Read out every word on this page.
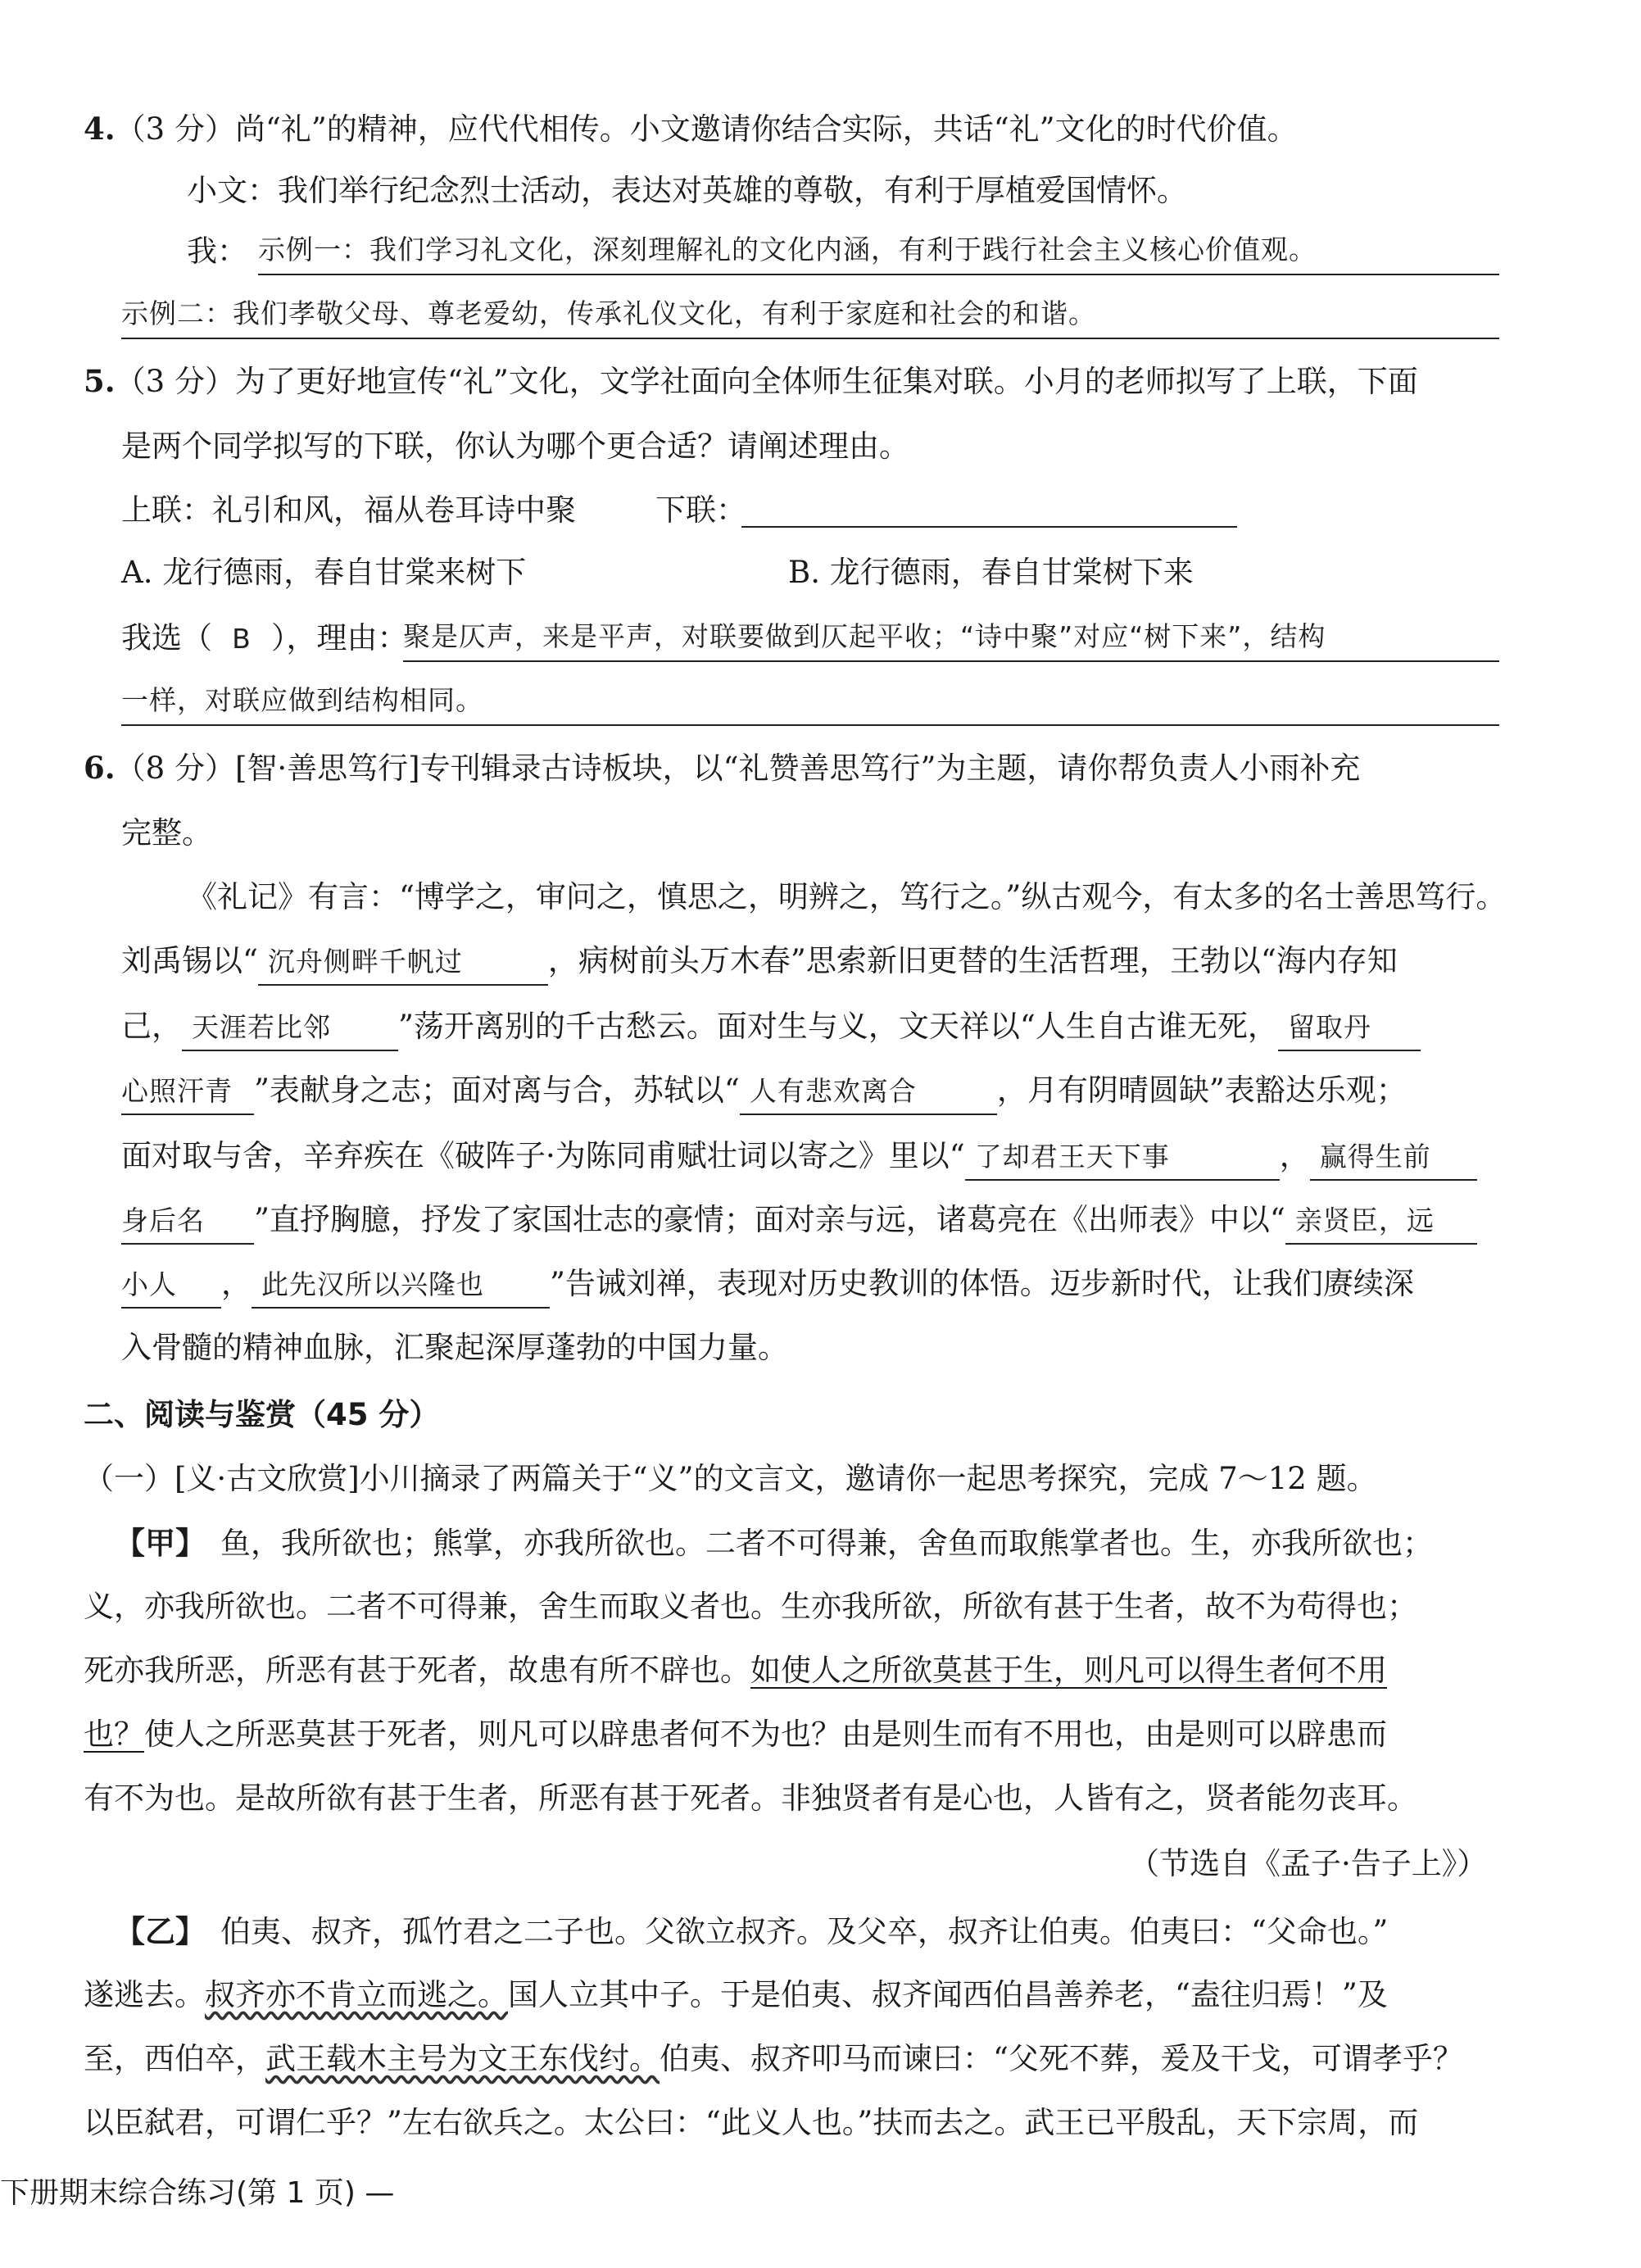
4.（3 分）尚“礼”的精神，应代代相传。小文邀请你结合实际，共话“礼”文化的时代价值。
小文：我们举行纪念烈士活动，表达对英雄的尊敬，有利于厚植爱国情怀。
我： 示例一：我们学习礼文化，深刻理解礼的文化内涵，有利于践行社会主义核心价值观。
示例二：我们孝敬父母、尊老爱幼，传承礼仪文化，有利于家庭和社会的和谐。
5.（3 分）为了更好地宣传“礼”文化，文学社面向全体师生征集对联。小月的老师拟写了上联，下面
是两个同学拟写的下联，你认为哪个更合适？请阐述理由。
上联：礼引和风，福从卷耳诗中聚	下联：
A. 龙行德雨，春自甘棠来树下	B. 龙行德雨，春自甘棠树下来
我选（ B ），理由：
聚是仄声，来是平声，对联要做到仄起平收；“诗中聚”对应“树下来”，结构
一样，对联应做到结构相同。
6.（8 分）[智·善思笃行]专刊辑录古诗板块，以“礼赞善思笃行”为主题，请你帮负责人小雨补充
完整。
《礼记》有言：“博学之，审问之，慎思之，明辨之，笃行之。”纵古观今，有太多的名士善思笃行。
刘禹锡以“ 沉舟侧畔千帆过	，病树前头万木春”思索新旧更替的生活哲理，王勃以“海内存知
己， 天涯若比邻 ”荡开离别的千古愁云。面对生与义，文天祥以“人生自古谁无死， 留取丹
心照汗青 ”表献身之志；面对离与合，苏轼以“ 人有悲欢离合	，月有阴晴圆缺”表豁达乐观；
面对取与舍，辛弃疾在《破阵子·为陈同甫赋壮词以寄之》里以“ 了却君王天下事	， 赢得生前
身后名 ”直抒胸臆，抒发了家国壮志的豪情；面对亲与远，诸葛亮在《出师表》中以“ 亲贤臣，远
小人 ， 此先汉所以兴隆也 ”告诫刘禅，表现对历史教训的体悟。迈步新时代，让我们赓续深
入骨髓的精神血脉，汇聚起深厚蓬勃的中国力量。
二、阅读与鉴赏（45 分）
（一）[义·古文欣赏]小川摘录了两篇关于“义”的文言文，邀请你一起思考探究，完成 7～12 题。
【甲】 鱼，我所欲也；熊掌，亦我所欲也。二者不可得兼，舍鱼而取熊掌者也。生，亦我所欲也；
义，亦我所欲也。二者不可得兼，舍生而取义者也。生亦我所欲，所欲有甚于生者，故不为苟得也；
死亦我所恶，所恶有甚于死者，故患有所不辟也。如使人之所欲莫甚于生，则凡可以得生者何不用
也？使人之所恶莫甚于死者，则凡可以辟患者何不为也？由是则生而有不用也，由是则可以辟患而
有不为也。是故所欲有甚于生者，所恶有甚于死者。非独贤者有是心也，人皆有之，贤者能勿丧耳。
（节选自《孟子·告子上》）
【乙】 伯夷、叔齐，孤竹君之二子也。父欲立叔齐。及父卒，叔齐让伯夷。伯夷曰：“父命也。”
遂逃去。叔齐亦不肯立而逃之。国人立其中子。于是伯夷、叔齐闻西伯昌善养老，“盍往归焉！”及
至，西伯卒，武王载木主号为文王东伐纣。伯夷、叔齐叩马而谏曰：“父死不葬，爰及干戈，可谓孝乎？
以臣弑君，可谓仁乎？”左右欲兵之。太公曰：“此义人也。”扶而去之。武王已平殷乱，天下宗周，而
下册期末综合练习(第 1 页) —
